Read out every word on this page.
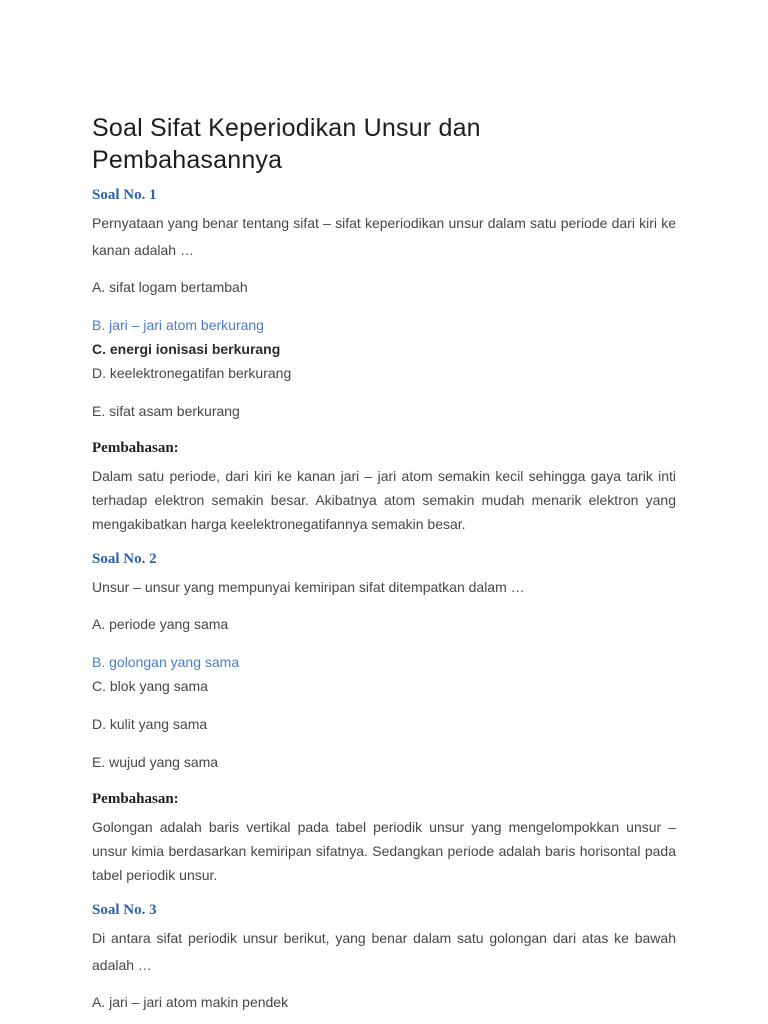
Soal Sifat Keperiodikan Unsur dan Pembahasannya
Soal No. 1

Pernyataan yang benar tentang sifat – sifat keperiodikan unsur dalam satu periode dari kiri ke kanan adalah …

A. sifat logam bertambah

B. jari – jari atom berkurang

C. energi ionisasi berkurang

D. keelektronegatifan berkurang

E. sifat asam berkurang

Pembahasan:

Dalam satu periode, dari kiri ke kanan jari – jari atom semakin kecil sehingga gaya tarik inti terhadap elektron semakin besar. Akibatnya atom semakin mudah menarik elektron yang mengakibatkan harga keelektronegatifannya semakin besar.

Soal No. 2

Unsur – unsur yang mempunyai kemiripan sifat ditempatkan dalam …

A. periode yang sama

B. golongan yang sama

C. blok yang sama

D. kulit yang sama

E. wujud yang sama

Pembahasan:

Golongan adalah baris vertikal pada tabel periodik unsur yang mengelompokkan unsur – unsur kimia berdasarkan kemiripan sifatnya. Sedangkan periode adalah baris horisontal pada tabel periodik unsur.

Soal No. 3

Di antara sifat periodik unsur berikut, yang benar dalam satu golongan dari atas ke bawah adalah …

A. jari – jari atom makin pendek
